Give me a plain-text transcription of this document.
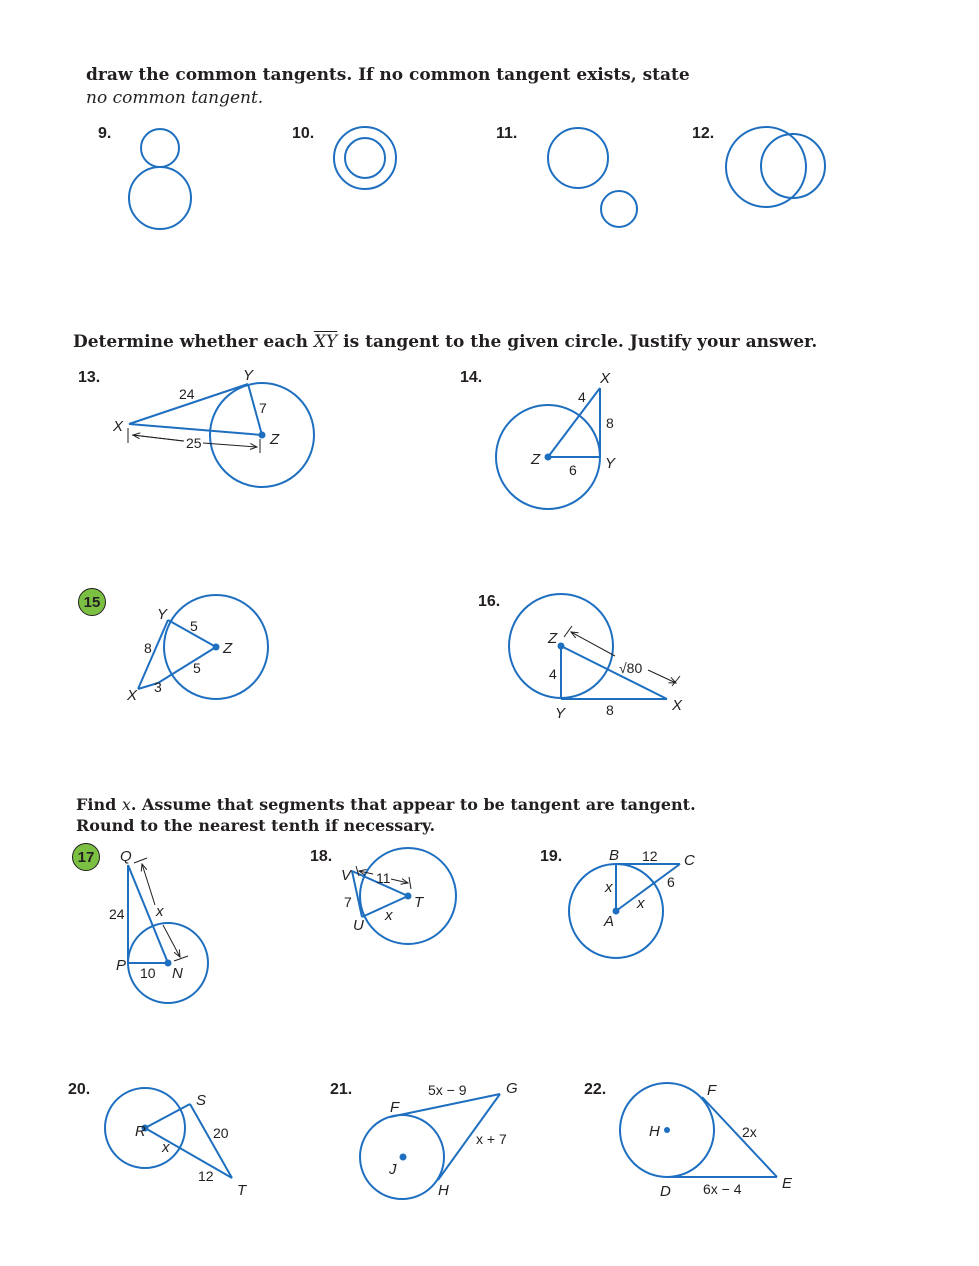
draw the common tangents. If no common tangent exists, state
no common tangent.
9.	10.	11.	12.
Determine whether each $\overline{XY}$ is tangent to the given circle. Justify your answer.
13.	14.
15	16.
Find x. Assume that segments that appear to be tangent are tangent.
Round to the nearest tenth if necessary.
17	18.	19.
20.	21.	22.
X
Y
Z
24
7
25
X
Y
Z
4
8
6
X
Y
Z
8
5
5
3
Z
Y	X
4
8
√80
Q
P	N
24
10
x
V
U
T
11
7
x
B	C
A
12
6
x
x
R
S
T
20
12
x
F
G
H
J
5x − 9
x + 7	H
F
D	E
2x
6x − 4
